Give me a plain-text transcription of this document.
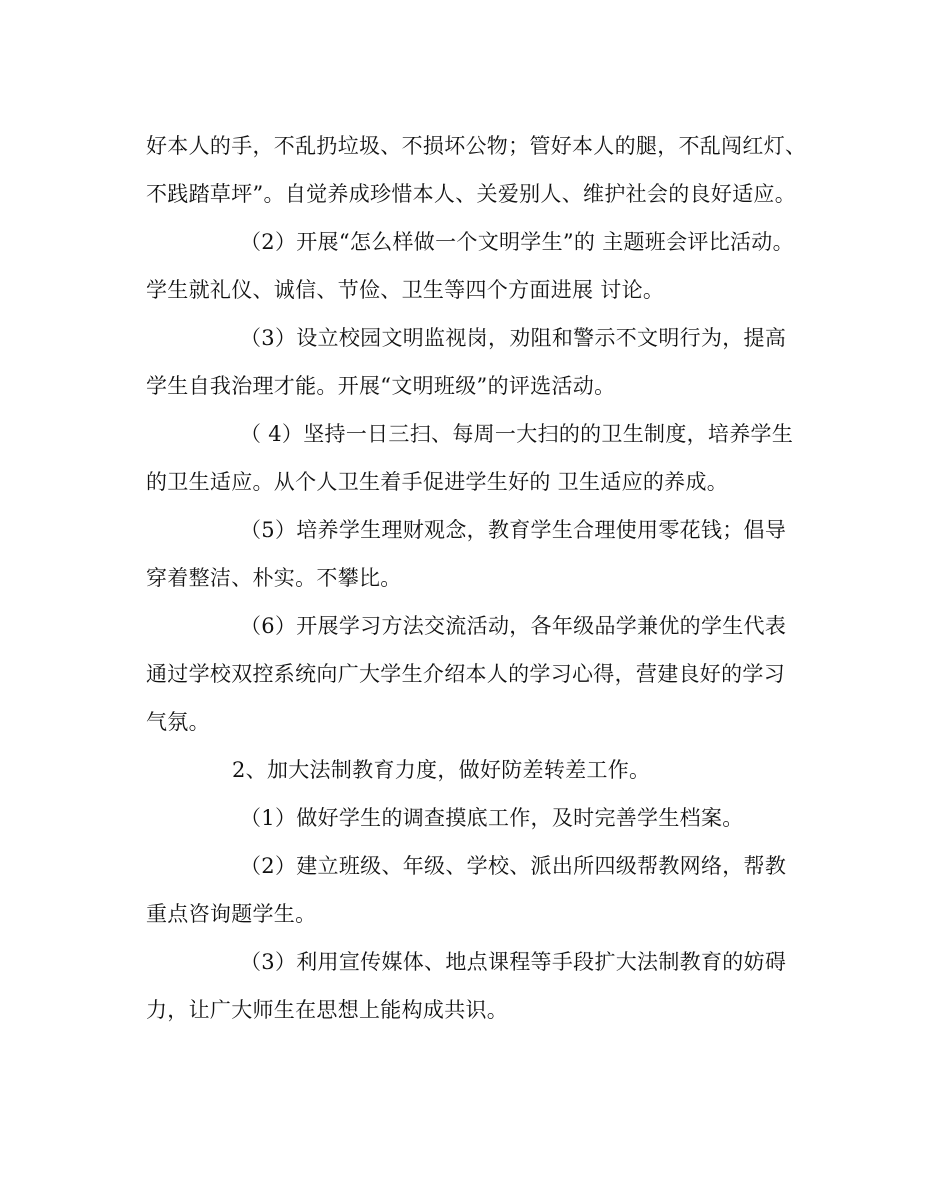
好本人的手，不乱扔垃圾、不损坏公物；管好本人的腿，不乱闯红灯、
不践踏草坪”。自觉养成珍惜本人、关爱别人、维护社会的良好适应。
（2）开展“怎么样做一个文明学生”的 主题班会评比活动。
学生就礼仪、诚信、节俭、卫生等四个方面进展 讨论。
（3）设立校园文明监视岗，劝阻和警示不文明行为，提高
学生自我治理才能。开展“文明班级”的评选活动。
（ 4）坚持一日三扫、每周一大扫的的卫生制度，培养学生
的卫生适应。从个人卫生着手促进学生好的 卫生适应的养成。
（5）培养学生理财观念，教育学生合理使用零花钱；倡导
穿着整洁、朴实。不攀比。
（6）开展学习方法交流活动，各年级品学兼优的学生代表
通过学校双控系统向广大学生介绍本人的学习心得，营建良好的学习
气氛。
2、加大法制教育力度，做好防差转差工作。
（1）做好学生的调查摸底工作，及时完善学生档案。
（2）建立班级、年级、学校、派出所四级帮教网络，帮教
重点咨询题学生。
（3）利用宣传媒体、地点课程等手段扩大法制教育的妨碍
力，让广大师生在思想上能构成共识。
